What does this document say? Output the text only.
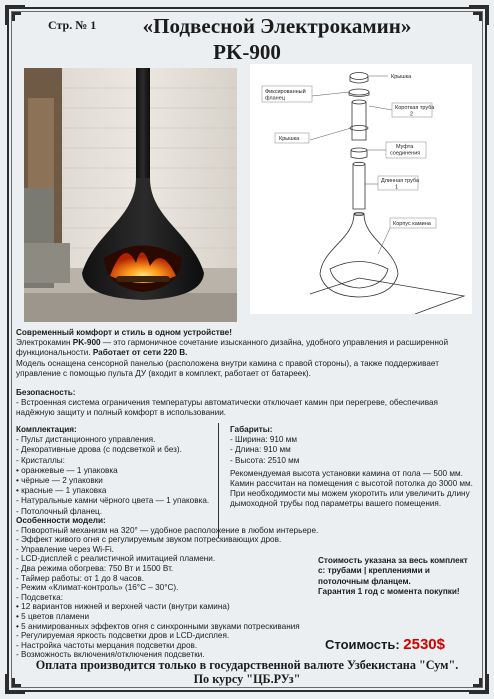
Стр. № 1	«Подвесной Электрокамин»
PK-900
Крышка
Фиксированный фланец
Короткая труба 2
Крышка
Муфта соединения
Длинная труба 1
Корпус камина

Современный комфорт и стиль в одном устройстве!

Электрокамин PK-900 — это гармоничное сочетание изысканного дизайна, удобного управления и расширенной функциональности. Работает от сети 220 В.

Модель оснащена сенсорной панелью (расположена внутри камина с правой стороны), а также поддерживает управление с помощью пульта ДУ (входит в комплект, работает от батареек).

Безопасность:

- Встроенная система ограничения температуры автоматически отключает камин при перегреве, обеспечивая надёжную защиту и полный комфорт в использовании.

Комплектация:

- Пульт дистанционного управления.

- Декоративные дрова (с подсветкой и без).

- Кристаллы:

• оранжевые — 1 упаковка

• чёрные — 2 упаковки

• красные — 1 упаковка

- Натуральные камни чёрного цвета — 1 упаковка.

- Потолочный фланец.

Габариты:

- Ширина: 910 мм

- Длина: 910 мм

- Высота: 2510 мм

Рекомендуемая высота установки камина от пола — 500 мм.

Камин рассчитан на помещения с высотой потолка до 3000 мм. При необходимости мы можем укоротить или увеличить длину дымоходной трубы под параметры вашего помещения.

Особенности модели:

- Поворотный механизм на 320° — удобное расположение в любом интерьере.

- Эффект живого огня с регулируемым звуком потрескивающих дров.

- Управление через Wi-Fi.

- LCD-дисплей с реалистичной имитацией пламени.

- Два режима обогрева: 750 Вт и 1500 Вт.

- Таймер работы: от 1 до 8 часов.

- Режим «Климат-контроль» (16°С – 30°С).

- Подсветка:

• 12 вариантов нижней и верхней части (внутри камина)

• 5 цветов пламени

• 5 анимированных эффектов огня с синхронными звуками потрескивания

- Регулируемая яркость подсветки дров и LCD-дисплея.

- Настройка частоты мерцания подсветки дров.

- Возможность включения/отключения подсветки.

Стоимость указана за весь комплект с: трубами | креплениями и потолочным фланцем.

Гарантия 1 год с момента покупки!

Стоимость: 2530$
Оплата производится только в государственной валюте Узбекистана "Сум".
По курсу "ЦБ.РУз"
